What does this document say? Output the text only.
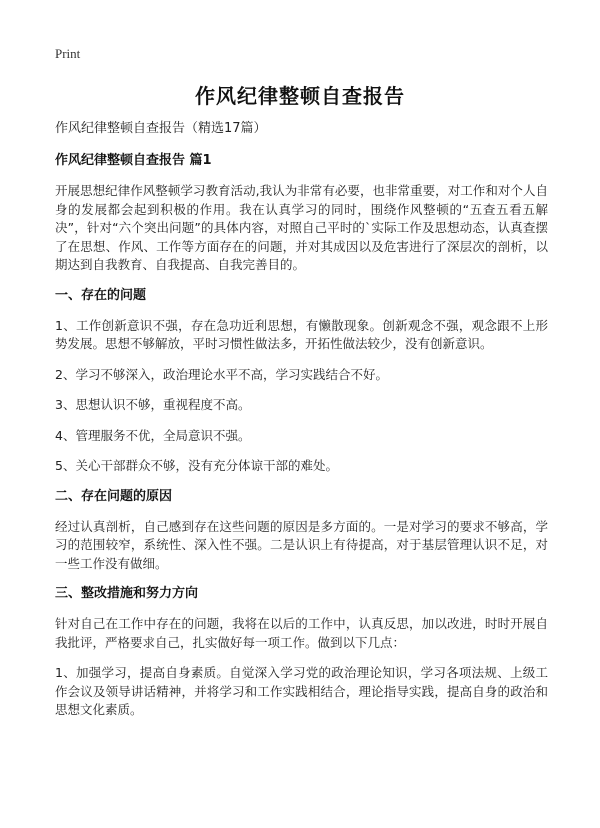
Print
作风纪律整顿自查报告
作风纪律整顿自查报告（精选17篇）
作风纪律整顿自查报告 篇1
开展思想纪律作风整顿学习教育活动,我认为非常有必要，也非常重要，对工作和对个人自身的发展都会起到积极的作用。我在认真学习的同时，围绕作风整顿的“五查五看五解决”，针对“六个突出问题”的具体内容，对照自己平时的`实际工作及思想动态，认真查摆了在思想、作风、工作等方面存在的问题，并对其成因以及危害进行了深层次的剖析，以期达到自我教育、自我提高、自我完善目的。
一、存在的问题
1、工作创新意识不强，存在急功近利思想，有懒散现象。创新观念不强，观念跟不上形势发展。思想不够解放，平时习惯性做法多，开拓性做法较少，没有创新意识。
2、学习不够深入，政治理论水平不高，学习实践结合不好。
3、思想认识不够，重视程度不高。
4、管理服务不优，全局意识不强。
5、关心干部群众不够，没有充分体谅干部的难处。
二、存在问题的原因
经过认真剖析，自己感到存在这些问题的原因是多方面的。一是对学习的要求不够高，学习的范围较窄，系统性、深入性不强。二是认识上有待提高，对于基层管理认识不足，对一些工作没有做细。
三、整改措施和努力方向
针对自己在工作中存在的问题，我将在以后的工作中，认真反思，加以改进，时时开展自我批评，严格要求自己，扎实做好每一项工作。做到以下几点：
1、加强学习，提高自身素质。自觉深入学习党的政治理论知识，学习各项法规、上级工作会议及领导讲话精神，并将学习和工作实践相结合，理论指导实践，提高自身的政治和思想文化素质。
